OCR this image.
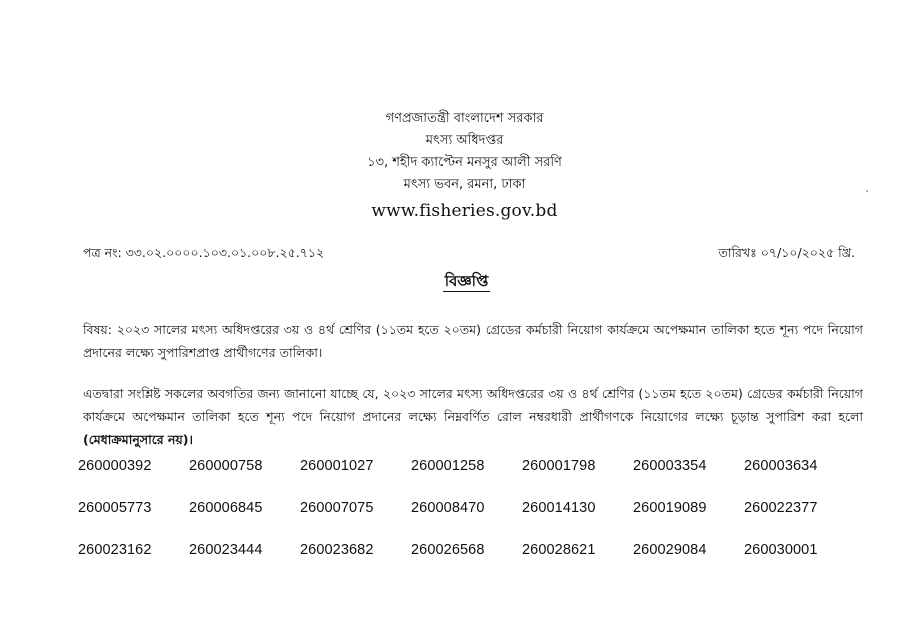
গণপ্রজাতন্ত্রী বাংলাদেশ সরকার
মৎস্য অধিদপ্তর
১৩, শহীদ ক্যাপ্টেন মনসুর আলী সরণি
মৎস্য ভবন, রমনা, ঢাকা
www.fisheries.gov.bd
পত্র নং: ৩৩.০২.০০০০.১০৩.০১.০০৮.২৫.৭১২	তারিখঃ ০৭/১০/২০২৫ খ্রি.
বিজ্ঞপ্তি
বিষয়: ২০২৩ সালের মৎস্য অধিদপ্তরের ৩য় ও ৪র্থ শ্রেণির (১১তম হতে ২০তম) গ্রেডের কর্মচারী নিয়োগ কার্যক্রমে অপেক্ষমান তালিকা হতে শূন্য পদে নিয়োগ প্রদানের লক্ষ্যে সুপারিশপ্রাপ্ত প্রার্থীগণের তালিকা।
এতদ্বারা সংশ্লিষ্ট সকলের অবগতির জন্য জানানো যাচ্ছে যে, ২০২৩ সালের মৎস্য অধিদপ্তরের ৩য় ও ৪র্থ শ্রেণির (১১তম হতে ২০তম) গ্রেডের কর্মচারী নিয়োগ কার্যক্রমে অপেক্ষমান তালিকা হতে শূন্য পদে নিয়োগ প্রদানের লক্ষ্যে নিম্নবর্ণিত রোল নম্বরধারী প্রার্থীগণকে নিয়োগের লক্ষ্যে চূড়ান্ত সুপারিশ করা হলো (মেধাক্রমানুসারে নয়)।
260000392	260000758	260001027	260001258	260001798	260003354	260003634
260005773	260006845	260007075	260008470	260014130	260019089	260022377
260023162	260023444	260023682	260026568	260028621	260029084	260030001
